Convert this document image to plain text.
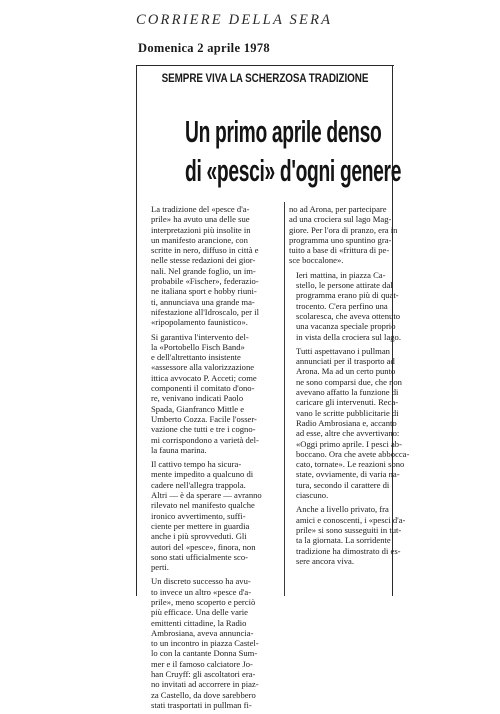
CORRIERE DELLA SERA
Domenica 2 aprile 1978
SEMPRE VIVA LA SCHERZOSA TRADIZIONE
Un primo aprile denso
di «pesci» d'ogni genere

La tradizione del «pesce d'a-
prile» ha avuto una delle sue
interpretazioni più insolite in
un manifesto arancione, con
scritte in nero, diffuso in città e
nelle stesse redazioni dei gior-
nali. Nel grande foglio, un im-
probabile «Fischer», federazio-
ne italiana sport e hobby riuni-
ti, annunciava una grande ma-
nifestazione all'Idroscalo, per il
«ripopolamento faunistico».

Si garantiva l'intervento del-
la «Portobello Fisch Band»
e dell'altrettanto insistente
«assessore alla valorizzazione
ittica avvocato P. Acceti; come
componenti il comitato d'ono-
re, venivano indicati Paolo
Spada, Gianfranco Mittle e
Umberto Cozza. Facile l'osser-
vazione che tutti e tre i cogno-
mi corrispondono a varietà del-
la fauna marina.

Il cattivo tempo ha sicura-
mente impedito a qualcuno di
cadere nell'allegra trappola.
Altri — è da sperare — avranno
rilevato nel manifesto qualche
ironico avvertimento, suffi-
ciente per mettere in guardia
anche i più sprovveduti. Gli
autori del «pesce», finora, non
sono stati ufficialmente sco-
perti.

Un discreto successo ha avu-
to invece un altro «pesce d'a-
prile», meno scoperto e perciò
più efficace. Una delle varie
emittenti cittadine, la Radio
Ambrosiana, aveva annuncia-
to un incontro in piazza Castel-
lo con la cantante Donna Sum-
mer e il famoso calciatore Jo-
han Cruyff: gli ascoltatori era-
no invitati ad accorrere in piaz-
za Castello, da dove sarebbero
stati trasportati in pullman fi-

no ad Arona, per partecipare
ad una crociera sul lago Mag-
giore. Per l'ora di pranzo, era in
programma uno spuntino gra-
tuito a base di «frittura di pe-
sce boccalone».

Ieri mattina, in piazza Ca-
stello, le persone attirate dal
programma erano più di quat-
trocento. C'era perfino una
scolaresca, che aveva ottenuto
una vacanza speciale proprio
in vista della crociera sul lago.

Tutti aspettavano i pullman
annunciati per il trasporto ad
Arona. Ma ad un certo punto
ne sono comparsi due, che non
avevano affatto la funzione di
caricare gli intervenuti. Reca-
vano le scritte pubblicitarie di
Radio Ambrosiana e, accanto
ad esse, altre che avvertivano:
«Oggi primo aprile. I pesci ab-
boccano. Ora che avete abbocca-
cato, tornate». Le reazioni sono
state, ovviamente, di varia na-
tura, secondo il carattere di
ciascuno.

Anche a livello privato, fra
amici e conoscenti, i «pesci d'a-
prile» si sono susseguiti in tut-
ta la giornata. La sorridente
tradizione ha dimostrato di es-
sere ancora viva.
